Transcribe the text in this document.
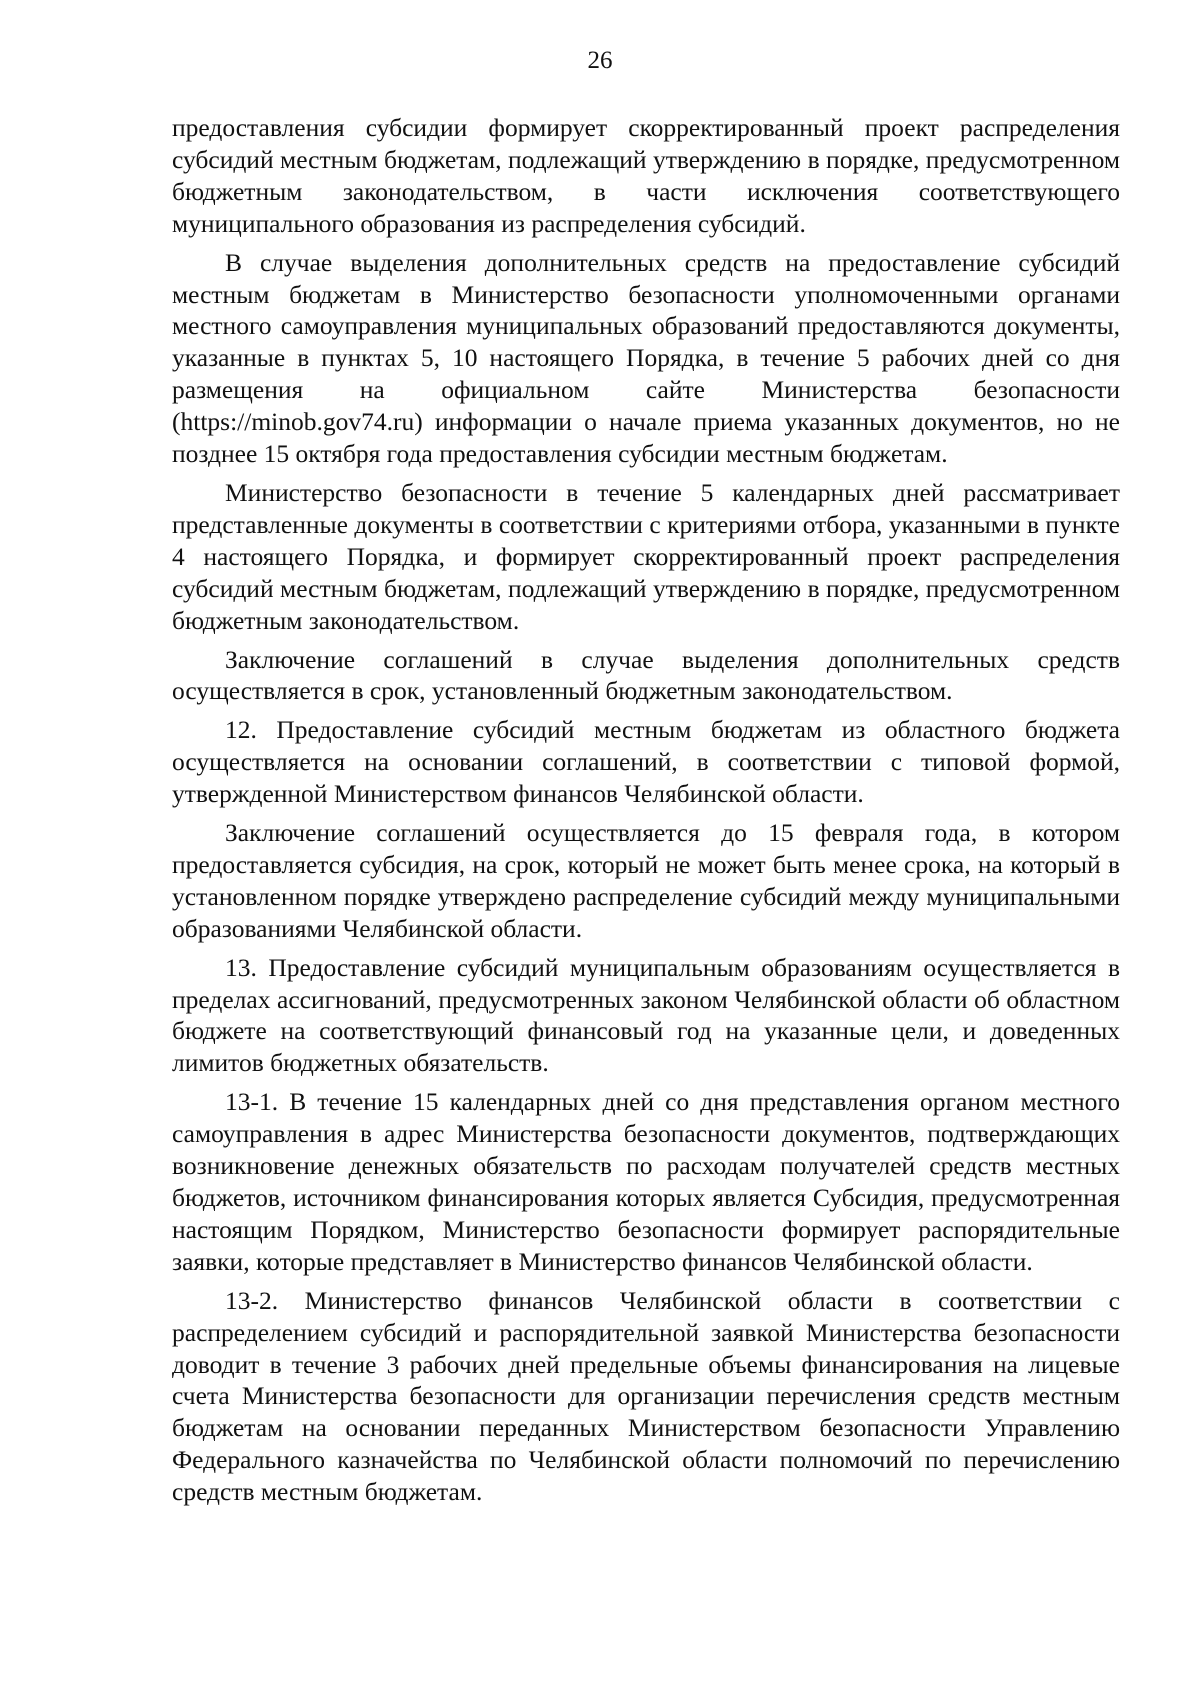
26

предоставления субсидии формирует скорректированный проект распределения субсидий местным бюджетам, подлежащий утверждению в порядке, предусмотренном бюджетным законодательством, в части исключения соответствующего муниципального образования из распределения субсидий.

В случае выделения дополнительных средств на предоставление субсидий местным бюджетам в Министерство безопасности уполномоченными органами местного самоуправления муниципальных образований предоставляются документы, указанные в пунктах 5, 10 настоящего Порядка, в течение 5 рабочих дней со дня размещения на официальном сайте Министерства безопасности (https://minob.gov74.ru) информации о начале приема указанных документов, но не позднее 15 октября года предоставления субсидии местным бюджетам.

Министерство безопасности в течение 5 календарных дней рассматривает представленные документы в соответствии с критериями отбора, указанными в пункте 4 настоящего Порядка, и формирует скорректированный проект распределения субсидий местным бюджетам, подлежащий утверждению в порядке, предусмотренном бюджетным законодательством.

Заключение соглашений в случае выделения дополнительных средств осуществляется в срок, установленный бюджетным законодательством.

12. Предоставление субсидий местным бюджетам из областного бюджета осуществляется на основании соглашений, в соответствии с типовой формой, утвержденной Министерством финансов Челябинской области.

Заключение соглашений осуществляется до 15 февраля года, в котором предоставляется субсидия, на срок, который не может быть менее срока, на который в установленном порядке утверждено распределение субсидий между муниципальными образованиями Челябинской области.

13. Предоставление субсидий муниципальным образованиям осуществляется в пределах ассигнований, предусмотренных законом Челябинской области об областном бюджете на соответствующий финансовый год на указанные цели, и доведенных лимитов бюджетных обязательств.

13-1. В течение 15 календарных дней со дня представления органом местного самоуправления в адрес Министерства безопасности документов, подтверждающих возникновение денежных обязательств по расходам получателей средств местных бюджетов, источником финансирования которых является Субсидия, предусмотренная настоящим Порядком, Министерство безопасности формирует распорядительные заявки, которые представляет в Министерство финансов Челябинской области.

13-2. Министерство финансов Челябинской области в соответствии с распределением субсидий и распорядительной заявкой Министерства безопасности доводит в течение 3 рабочих дней предельные объемы финансирования на лицевые счета Министерства безопасности для организации перечисления средств местным бюджетам на основании переданных Министерством безопасности Управлению Федерального казначейства по Челябинской области полномочий по перечислению средств местным бюджетам.
